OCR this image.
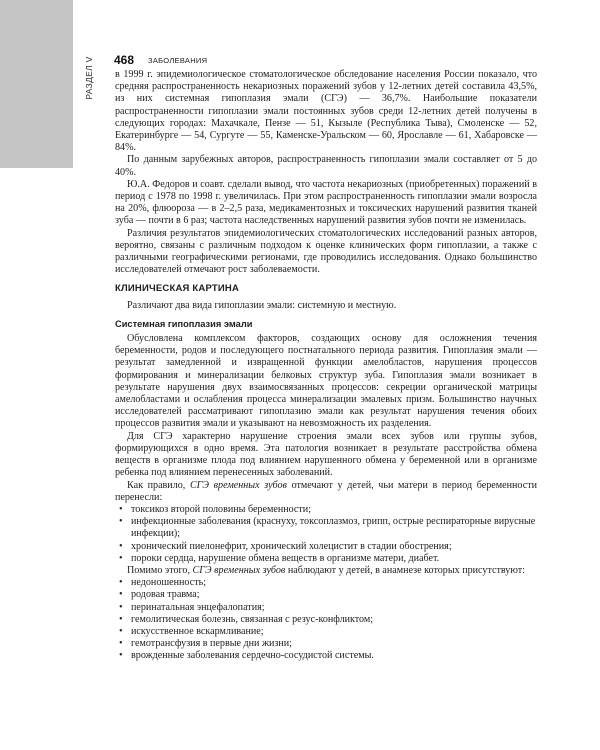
РАЗДЕЛ V 468 ЗАБОЛЕВАНИЯ

в 1999 г. эпидемиологическое стоматологическое обследование населения России показало, что средняя распространенность некариозных поражений зубов у 12-летних детей составила 43,5%, из них системная гипоплазия эмали (СГЭ) — 36,7%. Наибольшие показатели распространенности гипоплазии эмали постоянных зубов среди 12-летних детей получены в следующих городах: Махачкале, Пензе — 51, Кызыле (Республика Тыва), Смоленске — 52, Екатеринбурге — 54, Сургуте — 55, Каменске-Уральском — 60, Ярославле — 61, Хабаровске — 84%.

По данным зарубежных авторов, распространенность гипоплазии эмали составляет от 5 до 40%.

Ю.А. Федоров и соавт. сделали вывод, что частота некариозных (приобретенных) поражений в период с 1978 по 1998 г. увеличилась. При этом распространенность гипоплазии эмали возросла на 20%, флюороза — в 2–2,5 раза, медикаментозных и токсических нарушений развития тканей зуба — почти в 6 раз; частота наследственных нарушений развития зубов почти не изменилась.

Различия результатов эпидемиологических стоматологических исследований разных авторов, вероятно, связаны с различным подходом к оценке клинических форм гипоплазии, а также с различными географическими регионами, где проводились исследования. Однако большинство исследователей отмечают рост заболеваемости.

КЛИНИЧЕСКАЯ КАРТИНА

Различают два вида гипоплазии эмали: системную и местную.

Системная гипоплазия эмали

Обусловлена комплексом факторов, создающих основу для осложнения течения беременности, родов и последующего постнатального периода развития. Гипоплазия эмали — результат замедленной и извращенной функции амелобластов, нарушения процессов формирования и минерализации белковых структур зуба. Гипоплазия эмали возникает в результате нарушения двух взаимосвязанных процессов: секреции органической матрицы амелобластами и ослабления процесса минерализации эмалевых призм. Большинство научных исследователей рассматривают гипоплазию эмали как результат нарушения течения обоих процессов развития эмали и указывают на невозможность их разделения.

Для СГЭ характерно нарушение строения эмали всех зубов или группы зубов, формирующихся в одно время. Эта патология возникает в результате расстройства обмена веществ в организме плода под влиянием нарушенного обмена у беременной или в организме ребенка под влиянием перенесенных заболеваний.

Как правило, СГЭ временных зубов отмечают у детей, чьи матери в период беременности перенесли:

• токсикоз второй половины беременности;
• инфекционные заболевания (краснуху, токсоплазмоз, грипп, острые респираторные вирусные инфекции);
• хронический пиелонефрит, хронический холецистит в стадии обострения;
• пороки сердца, нарушение обмена веществ в организме матери, диабет.

Помимо этого, СГЭ временных зубов наблюдают у детей, в анамнезе которых присутствуют:

• недоношенность;
• родовая травма;
• перинатальная энцефалопатия;
• гемолитическая болезнь, связанная с резус-конфликтом;
• искусственное вскармливание;
• гемотрансфузия в первые дни жизни;
• врожденные заболевания сердечно-сосудистой системы.
